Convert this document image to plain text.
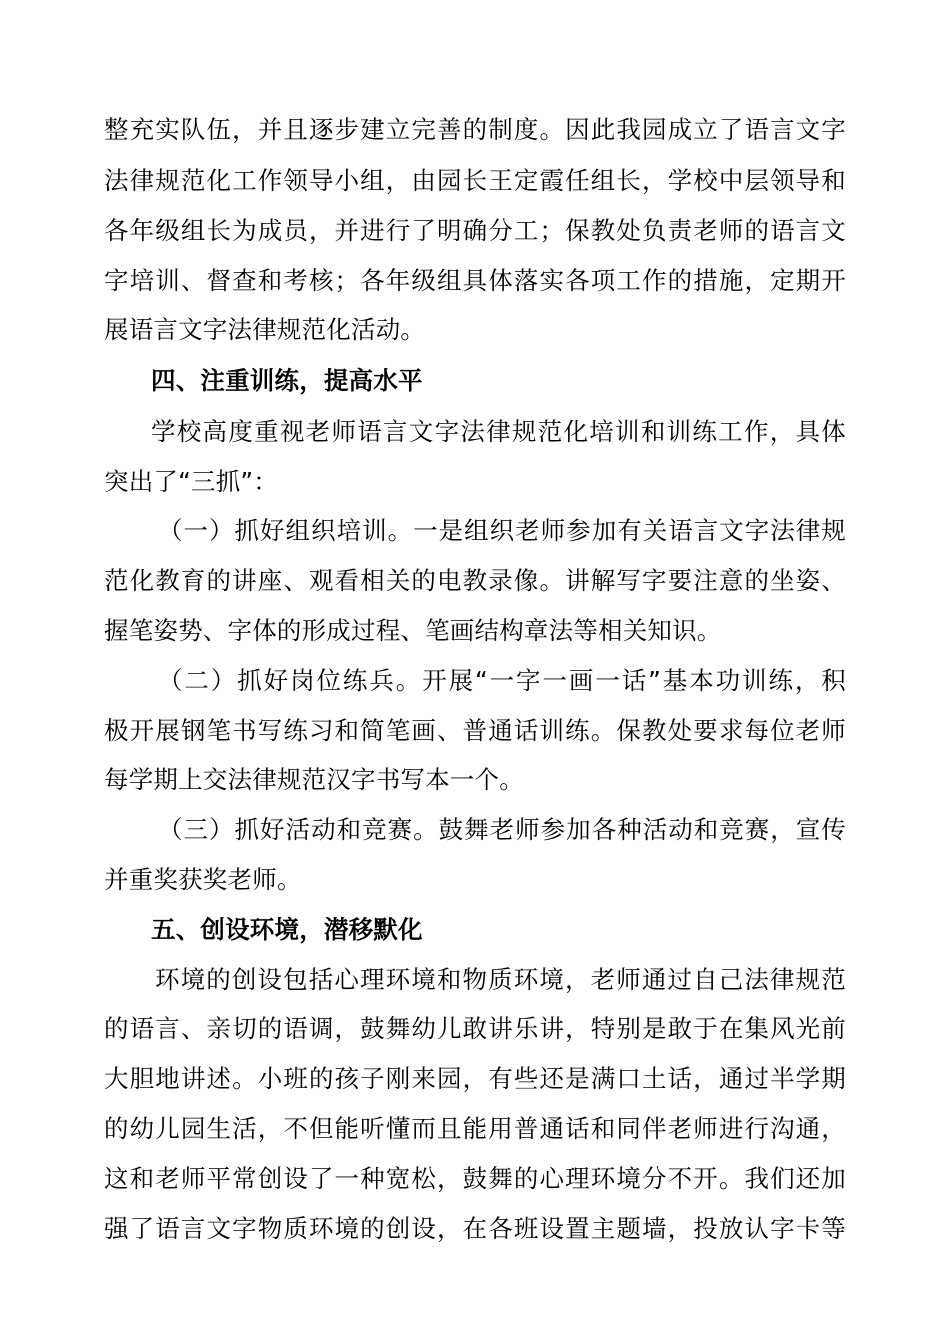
整充实队伍，并且逐步建立完善的制度。因此我园成立了语言文字
法律规范化工作领导小组，由园长王定霞任组长，学校中层领导和
各年级组长为成员，并进行了明确分工；保教处负责老师的语言文
字培训、督查和考核；各年级组具体落实各项工作的措施，定期开
展语言文字法律规范化活动。
四、注重训练，提高水平
学校高度重视老师语言文字法律规范化培训和训练工作，具体
突出了“三抓”：
（一）抓好组织培训。一是组织老师参加有关语言文字法律规
范化教育的讲座、观看相关的电教录像。讲解写字要注意的坐姿、
握笔姿势、字体的形成过程、笔画结构章法等相关知识。
（二）抓好岗位练兵。开展“一字一画一话”基本功训练，积
极开展钢笔书写练习和简笔画、普通话训练。保教处要求每位老师
每学期上交法律规范汉字书写本一个。
（三）抓好活动和竞赛。鼓舞老师参加各种活动和竞赛，宣传
并重奖获奖老师。
五、创设环境，潜移默化
环境的创设包括心理环境和物质环境，老师通过自己法律规范
的语言、亲切的语调，鼓舞幼儿敢讲乐讲，特别是敢于在集风光前
大胆地讲述。小班的孩子刚来园，有些还是满口土话，通过半学期
的幼儿园生活，不但能听懂而且能用普通话和同伴老师进行沟通，
这和老师平常创设了一种宽松，鼓舞的心理环境分不开。我们还加
强了语言文字物质环境的创设，在各班设置主题墙，投放认字卡等
